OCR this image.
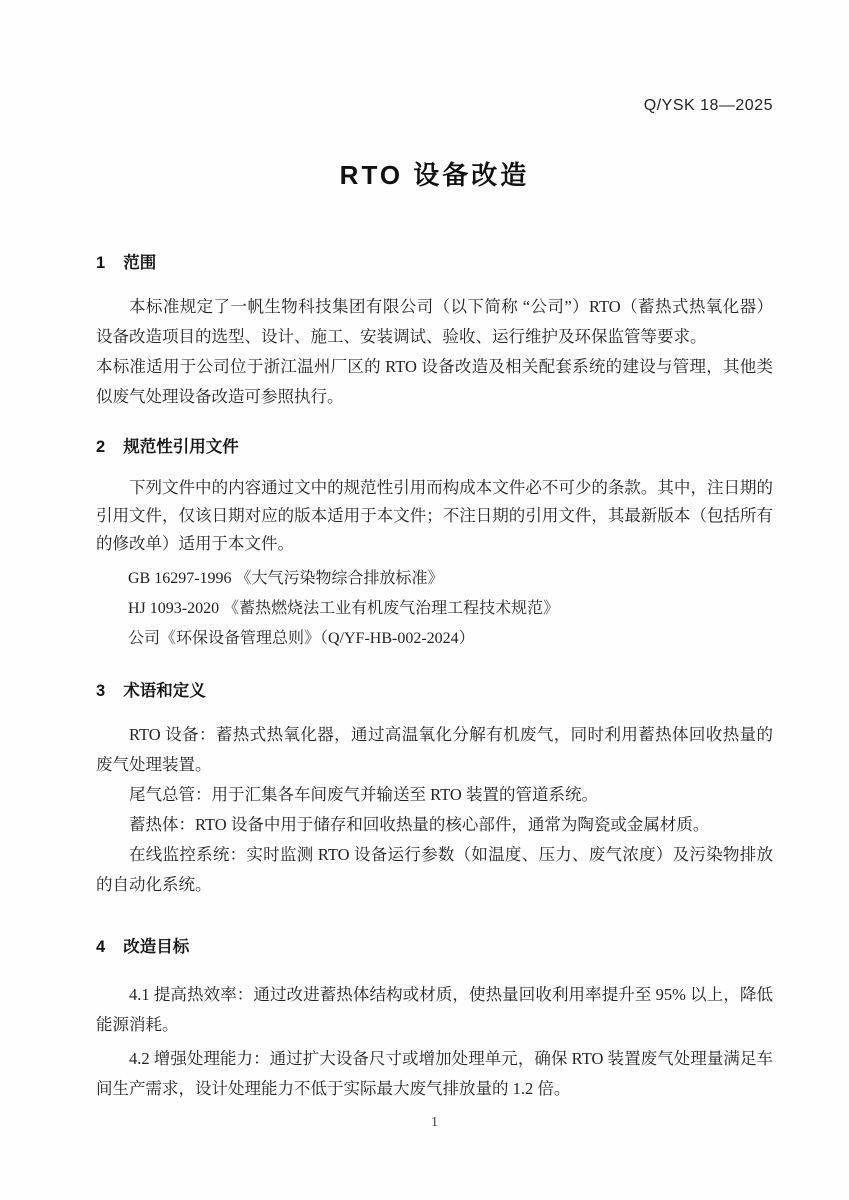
Q/YSK 18—2025
RTO 设备改造
1 范围

本标准规定了一帆生物科技集团有限公司（以下简称 “公司”）RTO（蓄热式热氧化器）设备改造项目的选型、设计、施工、安装调试、验收、运行维护及环保监管等要求。

本标准适用于公司位于浙江温州厂区的 RTO 设备改造及相关配套系统的建设与管理，其他类似废气处理设备改造可参照执行。

2 规范性引用文件

下列文件中的内容通过文中的规范性引用而构成本文件必不可少的条款。其中，注日期的引用文件，仅该日期对应的版本适用于本文件；不注日期的引用文件，其最新版本（包括所有的修改单）适用于本文件。

GB 16297-1996 《大气污染物综合排放标准》
HJ 1093-2020 《蓄热燃烧法工业有机废气治理工程技术规范》
公司《环保设备管理总则》（Q/YF-HB-002-2024）
3 术语和定义

RTO 设备：蓄热式热氧化器，通过高温氧化分解有机废气，同时利用蓄热体回收热量的废气处理装置。

尾气总管：用于汇集各车间废气并输送至 RTO 装置的管道系统。

蓄热体：RTO 设备中用于储存和回收热量的核心部件，通常为陶瓷或金属材质。

在线监控系统：实时监测 RTO 设备运行参数（如温度、压力、废气浓度）及污染物排放的自动化系统。

4 改造目标

4.1 提高热效率：通过改进蓄热体结构或材质，使热量回收利用率提升至 95% 以上，降低能源消耗。

4.2 增强处理能力：通过扩大设备尺寸或增加处理单元，确保 RTO 装置废气处理量满足车间生产需求，设计处理能力不低于实际最大废气排放量的 1.2 倍。

1
